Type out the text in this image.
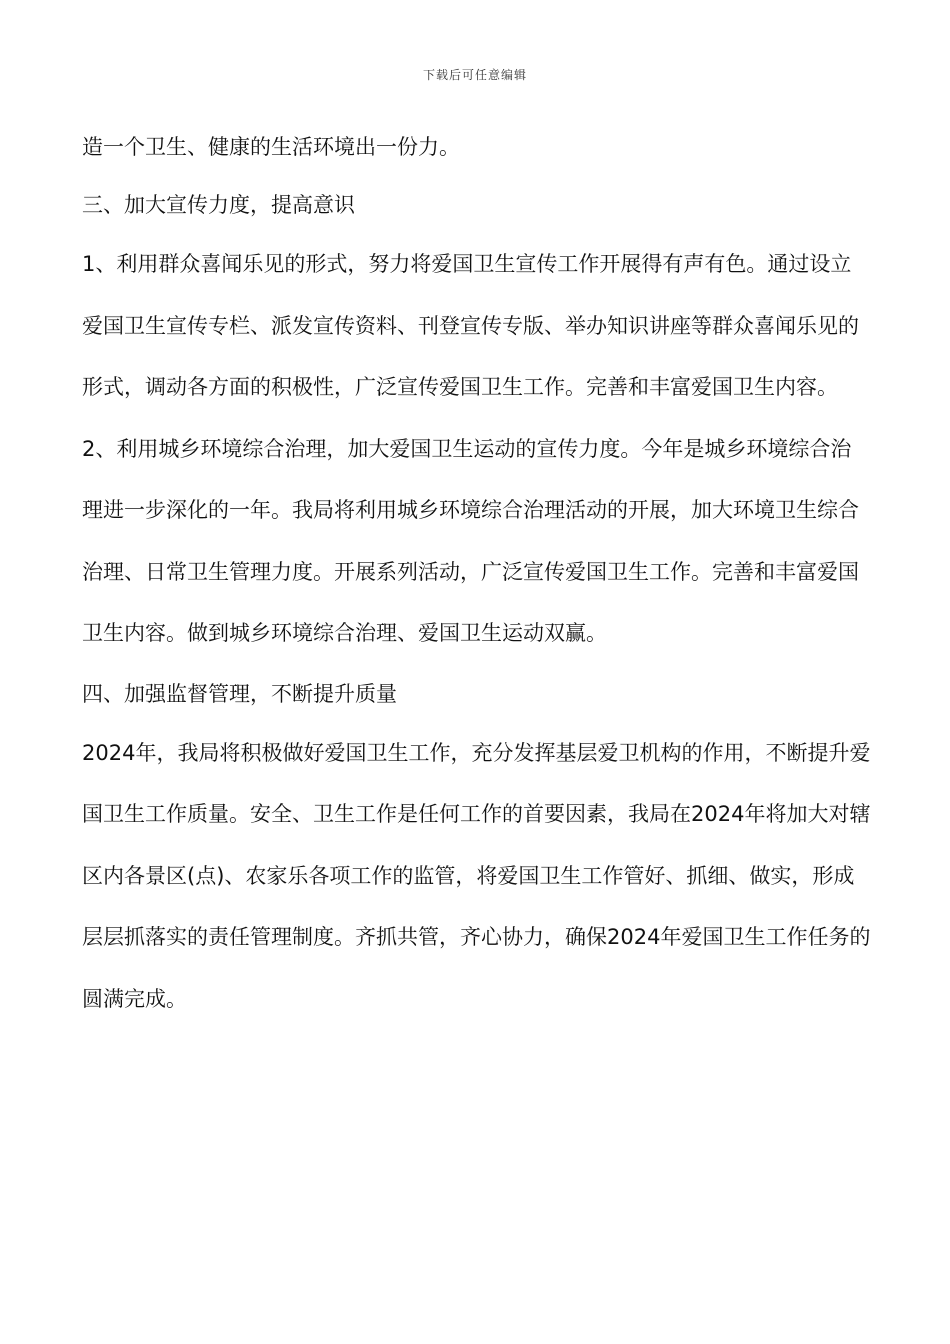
下载后可任意编辑

造一个卫生、健康的生活环境出一份力。

三、加大宣传力度，提高意识

1、利用群众喜闻乐见的形式，努力将爱国卫生宣传工作开展得有声有色。通过设立爱国卫生宣传专栏、派发宣传资料、刊登宣传专版、举办知识讲座等群众喜闻乐见的形式，调动各方面的积极性，广泛宣传爱国卫生工作。完善和丰富爱国卫生内容。

2、利用城乡环境综合治理，加大爱国卫生运动的宣传力度。今年是城乡环境综合治理进一步深化的一年。我局将利用城乡环境综合治理活动的开展，加大环境卫生综合治理、日常卫生管理力度。开展系列活动，广泛宣传爱国卫生工作。完善和丰富爱国卫生内容。做到城乡环境综合治理、爱国卫生运动双赢。

四、加强监督管理，不断提升质量

2024年，我局将积极做好爱国卫生工作，充分发挥基层爱卫机构的作用，不断提升爱国卫生工作质量。安全、卫生工作是任何工作的首要因素，我局在2024年将加大对辖区内各景区(点)、农家乐各项工作的监管，将爱国卫生工作管好、抓细、做实，形成层层抓落实的责任管理制度。齐抓共管，齐心协力，确保2024年爱国卫生工作任务的圆满完成。
